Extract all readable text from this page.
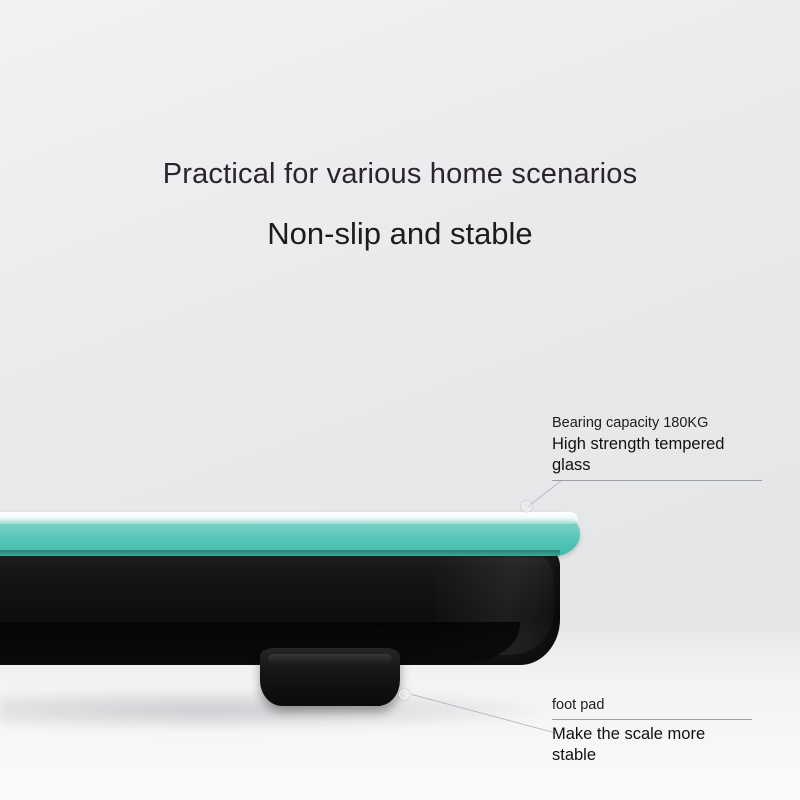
Practical for various home scenarios
Non-slip and stable
Bearing capacity 180KG
High strength tempered glass
foot pad
Make the scale more stable
